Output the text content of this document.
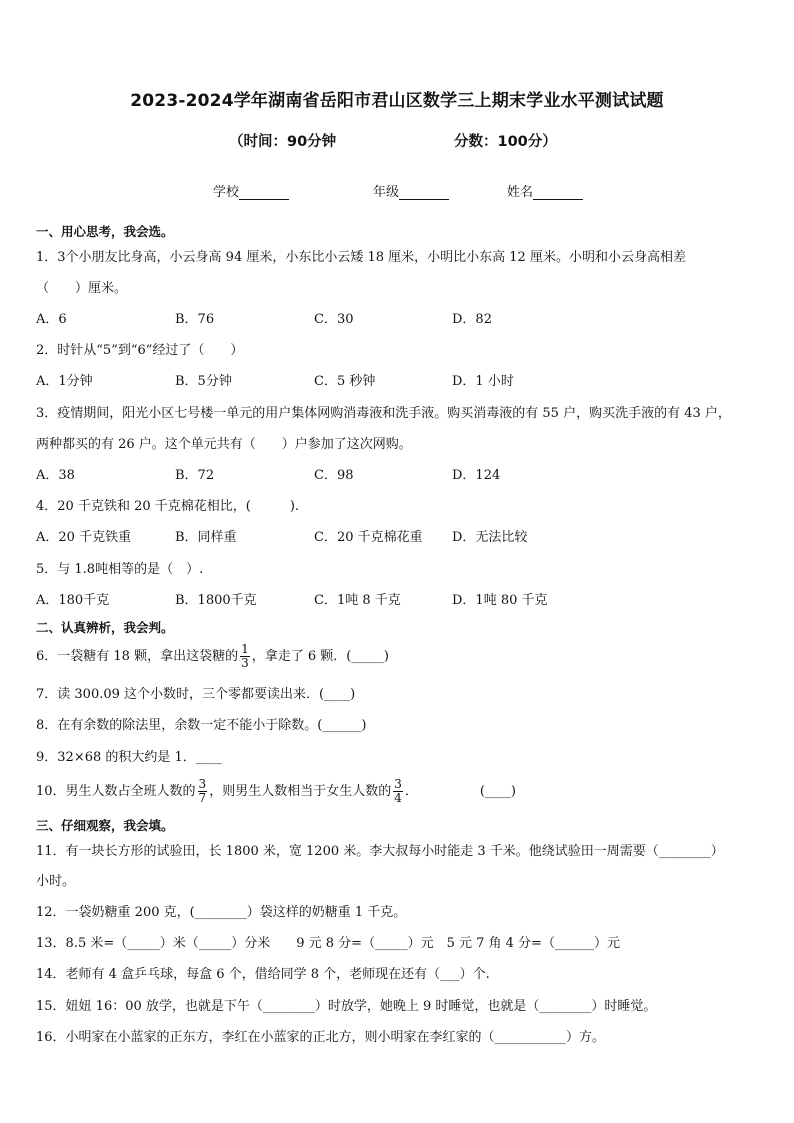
2023-2024学年湖南省岳阳市君山区数学三上期末学业水平测试试题
（时间：90分钟	分数：100分）
学校	年级	姓名
一、用心思考，我会选。
1．3个小朋友比身高，小云身高 94 厘米，小东比小云矮 18 厘米，小明比小东高 12 厘米。小明和小云身高相差
（　　）厘米。
A．6	B．76	C．30	D．82
2．时针从“5”到“6”经过了（　　）
A．1分钟	B．5分钟	C．5 秒钟	D．1 小时
3．疫情期间，阳光小区七号楼一单元的用户集体网购消毒液和洗手液。购买消毒液的有 55 户，购买洗手液的有 43 户，
两种都买的有 26 户。这个单元共有（　　）户参加了这次网购。
A．38	B．72	C．98	D．124
4．20 千克铁和 20 千克棉花相比，(　　　).
A．20 千克铁重	B．同样重	C．20 千克棉花重 D．无法比较
5．与 1.8吨相等的是（　）.
A．180千克	B．1800千克	C．1吨 8 千克	D．1吨 80 千克
二、认真辨析，我会判。
6．一袋糖有 18 颗，拿出这袋糖的 $\frac{1}{3}$ ，拿走了 6 颗．(_____)
7．读 300.09 这个小数时，三个零都要读出来．(____)
8．在有余数的除法里，余数一定不能小于除数。(______)
9．32×68 的积大约是 1．____
10．男生人数占全班人数的 $\frac{3}{7}$ ，则男生人数相当于女生人数的 $\frac{3}{4}$ ．	(____)
三、仔细观察，我会填。
11．有一块长方形的试验田，长 1800 米，宽 1200 米。李大叔每小时能走 3 千米。他绕试验田一周需要（________）
小时。
12．一袋奶糖重 200 克，(________）袋这样的奶糖重 1 千克。
13．8.5 米=（_____）米（_____）分米　　9 元 8 分=（_____）元　5 元 7 角 4 分=（______）元
14．老师有 4 盒乒乓球，每盒 6 个，借给同学 8 个，老师现在还有（___）个.
15．妞妞 16：00 放学，也就是下午（________）时放学，她晚上 9 时睡觉，也就是（________）时睡觉。
16．小明家在小蓝家的正东方，李红在小蓝家的正北方，则小明家在李红家的（___________）方。
